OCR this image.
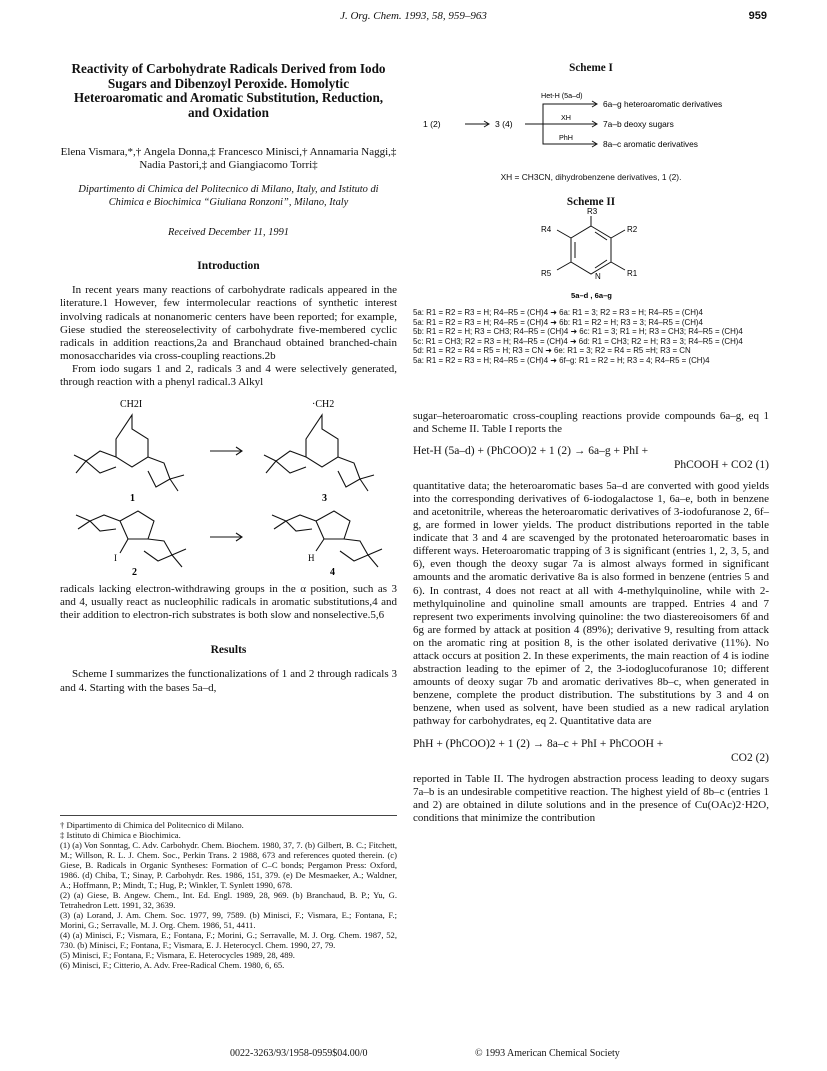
J. Org. Chem. 1993, 58, 959–963	959
Reactivity of Carbohydrate Radicals Derived from Iodo Sugars and Dibenzoyl Peroxide. Homolytic Heteroaromatic and Aromatic Substitution, Reduction, and Oxidation
Elena Vismara,*,† Angela Donna,‡ Francesco Minisci,† Annamaria Naggi,‡ Nadia Pastori,‡ and Giangiacomo Torri‡
Dipartimento di Chimica del Politecnico di Milano, Italy, and Istituto di Chimica e Biochimica “Giuliana Ronzoni”, Milano, Italy
Received December 11, 1991
Introduction

In recent years many reactions of carbohydrate radicals appeared in the literature.1 However, few intermolecular reactions of synthetic interest involving radicals at nonanomeric centers have been reported; for example, Giese studied the stereoselectivity of carbohydrate five-membered cyclic radicals in addition reactions,2a and Branchaud obtained branched-chain monosaccharides via cross-coupling reactions.2b

From iodo sugars 1 and 2, radicals 3 and 4 were selectively generated, through reaction with a phenyl radical.3 Alkyl

CH2I	·CH2
1	3
I	H
2	4

radicals lacking electron-withdrawing groups in the α position, such as 3 and 4, usually react as nucleophilic radicals in aromatic substitutions,4 and their addition to electron-rich substrates is both slow and nonselective.5,6

Results

Scheme I summarizes the functionalizations of 1 and 2 through radicals 3 and 4. Starting with the bases 5a–d,

† Dipartimento di Chimica del Politecnico di Milano.
‡ Istituto di Chimica e Biochimica.
(1) (a) Von Sonntag, C. Adv. Carbohydr. Chem. Biochem. 1980, 37, 7. (b) Gilbert, B. C.; Fitchett, M.; Willson, R. L. J. Chem. Soc., Perkin Trans. 2 1988, 673 and references quoted therein. (c) Giese, B. Radicals in Organic Syntheses: Formation of C–C bonds; Pergamon Press: Oxford, 1986. (d) Chiba, T.; Sinay, P. Carbohydr. Res. 1986, 151, 379. (e) De Mesmaeker, A.; Waldner, A.; Hoffmann, P.; Mindt, T.; Hug, P.; Winkler, T. Synlett 1990, 678.
(2) (a) Giese, B. Angew. Chem., Int. Ed. Engl. 1989, 28, 969. (b) Branchaud, B. P.; Yu, G. Tetrahedron Lett. 1991, 32, 3639.
(3) (a) Lorand, J. Am. Chem. Soc. 1977, 99, 7589. (b) Minisci, F.; Vismara, E.; Fontana, F.; Morini, G.; Serravalle, M. J. Org. Chem. 1986, 51, 4411.
(4) (a) Minisci, F.; Vismara, E.; Fontana, F.; Morini, G.; Serravalle, M. J. Org. Chem. 1987, 52, 730. (b) Minisci, F.; Fontana, F.; Vismara, E. J. Heterocycl. Chem. 1990, 27, 79.
(5) Minisci, F.; Fontana, F.; Vismara, E. Heterocycles 1989, 28, 489.
(6) Minisci, F.; Citterio, A. Adv. Free-Radical Chem. 1980, 6, 65.
Scheme I
1 (2)	3 (4)
Het-H (5a–d)
XH
PhH
6a–g heteroaromatic derivatives
7a–b deoxy sugars
8a–c aromatic derivatives
XH = CH3CN, dihydrobenzene derivatives, 1 (2).
Scheme II
R3
R2
R4
R5	R1
N
5a–d , 6a–g
5a: R1 = R2 = R3 = H; R4–R5 = (CH)4 ➜ 6a: R1 = 3; R2 = R3 = H; R4–R5 = (CH)4
5a: R1 = R2 = R3 = H; R4–R5 = (CH)4 ➜ 6b: R1 = R2 = H; R3 = 3; R4–R5 = (CH)4
5b: R1 = R2 = H; R3 = CH3; R4–R5 = (CH)4 ➜ 6c: R1 = 3; R1 = H; R3 = CH3; R4–R5 = (CH)4
5c: R1 = CH3; R2 = R3 = H; R4–R5 = (CH)4 ➜ 6d: R1 = CH3; R2 = H; R3 = 3; R4–R5 = (CH)4
5d: R1 = R2 = R4 = R5 = H; R3 = CN ➜ 6e: R1 = 3; R2 = R4 = R5 =H; R3 = CN
5a: R1 = R2 = R3 = H; R4–R5 = (CH)4 ➜ 6f–g: R1 = R2 = H; R3 = 4; R4–R5 = (CH)4

sugar–heteroaromatic cross-coupling reactions provide compounds 6a–g, eq 1 and Scheme II. Table I reports the

Het-H (5a–d) + (PhCOO)2 + 1 (2) → 6a–g + PhI +
PhCOOH + CO2 (1)

quantitative data; the heteroaromatic bases 5a–d are converted with good yields into the corresponding derivatives of 6-iodogalactose 1, 6a–e, both in benzene and acetonitrile, whereas the heteroaromatic derivatives of 3-iodofuranose 2, 6f–g, are formed in lower yields. The product distributions reported in the table indicate that 3 and 4 are scavenged by the protonated heteroaromatic bases in different ways. Heteroaromatic trapping of 3 is significant (entries 1, 2, 3, 5, and 6), even though the deoxy sugar 7a is almost always formed in significant amounts and the aromatic derivative 8a is also formed in benzene (entries 5 and 6). In contrast, 4 does not react at all with 4-methylquinoline, while with 2-methylquinoline and quinoline small amounts are trapped. Entries 4 and 7 represent two experiments involving quinoline: the two diastereoisomers 6f and 6g are formed by attack at position 4 (89%); derivative 9, resulting from attack on the aromatic ring at position 8, is the other isolated derivative (11%). No attack occurs at position 2. In these experiments, the main reaction of 4 is iodine abstraction leading to the epimer of 2, the 3-iodoglucofuranose 10; different amounts of deoxy sugar 7b and aromatic derivatives 8b–c, when generated in benzene, complete the product distribution. The substitutions by 3 and 4 on benzene, when used as solvent, have been studied as a new radical arylation pathway for carbohydrates, eq 2. Quantitative data are

PhH + (PhCOO)2 + 1 (2) → 8a–c + PhI + PhCOOH +
CO2 (2)

reported in Table II. The hydrogen abstraction process leading to deoxy sugars 7a–b is an undesirable competitive reaction. The highest yield of 8b–c (entries 1 and 2) are obtained in dilute solutions and in the presence of Cu(OAc)2·H2O, conditions that minimize the contribution

0022-3263/93/1958-0959$04.00/0	© 1993 American Chemical Society
